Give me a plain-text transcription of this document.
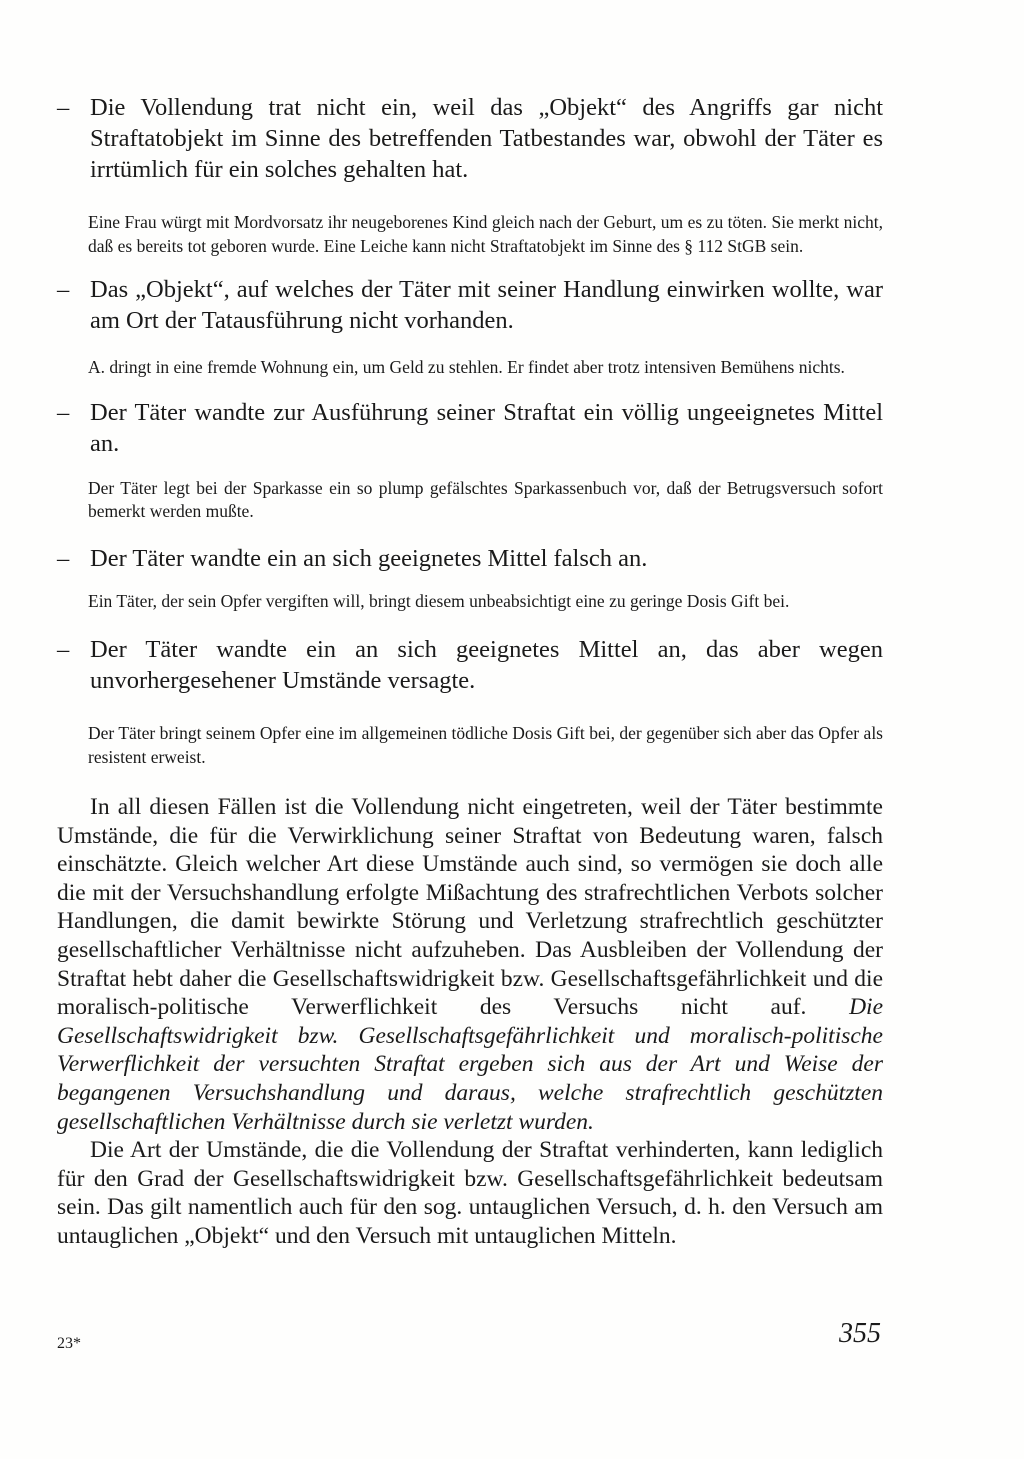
– Die Vollendung trat nicht ein, weil das „Objekt“ des Angriffs gar nicht Straftatobjekt im Sinne des betreffenden Tatbestandes war, obwohl der Täter es irrtümlich für ein solches gehalten hat.

Eine Frau würgt mit Mordvorsatz ihr neugeborenes Kind gleich nach der Geburt, um es zu töten. Sie merkt nicht, daß es bereits tot geboren wurde. Eine Leiche kann nicht Straftatobjekt im Sinne des § 112 StGB sein.

– Das „Objekt“, auf welches der Täter mit seiner Handlung einwirken wollte, war am Ort der Tatausführung nicht vorhanden.

A. dringt in eine fremde Wohnung ein, um Geld zu stehlen. Er findet aber trotz intensiven Bemühens nichts.

– Der Täter wandte zur Ausführung seiner Straftat ein völlig ungeeignetes Mittel an.

Der Täter legt bei der Sparkasse ein so plump gefälschtes Sparkassenbuch vor, daß der Betrugsversuch sofort bemerkt werden mußte.

– Der Täter wandte ein an sich geeignetes Mittel falsch an.

Ein Täter, der sein Opfer vergiften will, bringt diesem unbeabsichtigt eine zu geringe Dosis Gift bei.

– Der Täter wandte ein an sich geeignetes Mittel an, das aber wegen unvorhergesehener Umstände versagte.

Der Täter bringt seinem Opfer eine im allgemeinen tödliche Dosis Gift bei, der gegenüber sich aber das Opfer als resistent erweist.

In all diesen Fällen ist die Vollendung nicht eingetreten, weil der Täter bestimmte Umstände, die für die Verwirklichung seiner Straftat von Bedeutung waren, falsch einschätzte. Gleich welcher Art diese Umstände auch sind, so vermögen sie doch alle die mit der Versuchshandlung erfolgte Mißachtung des strafrechtlichen Verbots solcher Handlungen, die damit bewirkte Störung und Verletzung strafrechtlich geschützter gesellschaftlicher Verhältnisse nicht aufzuheben. Das Ausbleiben der Vollendung der Straftat hebt daher die Gesellschaftswidrigkeit bzw. Gesellschaftsgefährlichkeit und die moralisch-politische Verwerflichkeit des Versuchs nicht auf. Die Gesellschaftswidrigkeit bzw. Gesellschaftsgefährlichkeit und moralisch-politische Verwerflichkeit der versuchten Straftat ergeben sich aus der Art und Weise der begangenen Versuchshandlung und daraus, welche strafrechtlich geschützten gesellschaftlichen Verhältnisse durch sie verletzt wurden.

Die Art der Umstände, die die Vollendung der Straftat verhinderten, kann lediglich für den Grad der Gesellschaftswidrigkeit bzw. Gesellschaftsgefährlichkeit bedeutsam sein. Das gilt namentlich auch für den sog. untauglichen Versuch, d. h. den Versuch am untauglichen „Objekt“ und den Versuch mit untauglichen Mitteln.

23*	355
